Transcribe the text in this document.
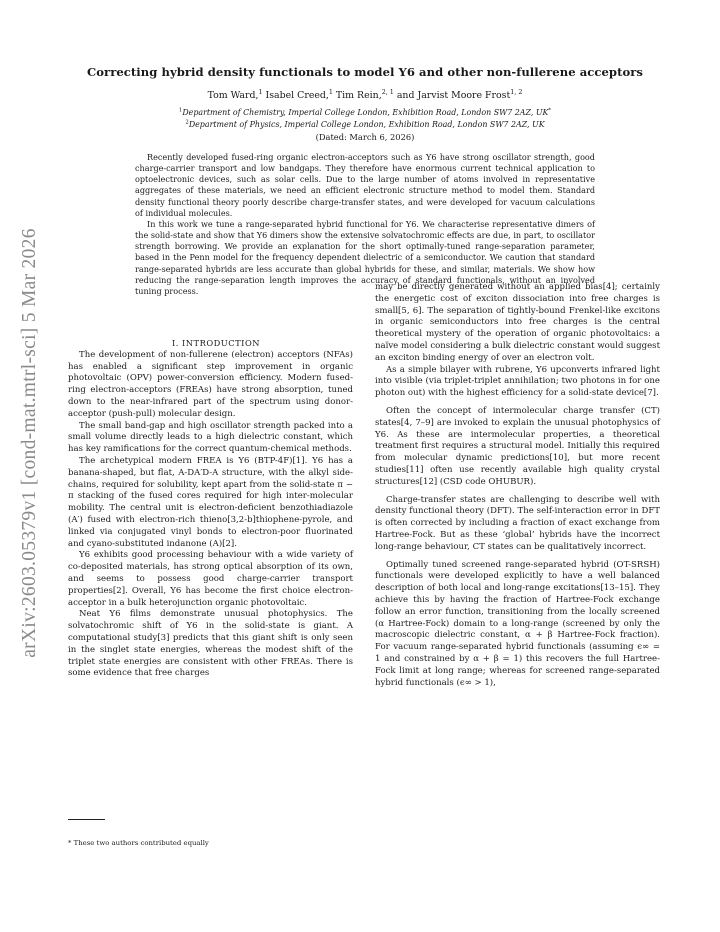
arXiv:2603.05379v1 [cond-mat.mtrl-sci] 5 Mar 2026
Correcting hybrid density functionals to model Y6 and other non-fullerene acceptors
Tom Ward,$^1$ Isabel Creed,$^1$ Tim Rein,$^{2, 1}$ and Jarvist Moore Frost$^{1, 2}$
$^1$Department of Chemistry, Imperial College London, Exhibition Road, London SW7 2AZ, UK*
$^2$Department of Physics, Imperial College London, Exhibition Road, London SW7 2AZ, UK
(Dated: March 6, 2026)

Recently developed fused-ring organic electron-acceptors such as Y6 have strong oscillator strength, good charge-carrier transport and low bandgaps. They therefore have enormous current technical application to optoelectronic devices, such as solar cells. Due to the large number of atoms involved in representative aggregates of these materials, we need an efficient electronic structure method to model them. Standard density functional theory poorly describe charge-transfer states, and were developed for vacuum calculations of individual molecules.

In this work we tune a range-separated hybrid functional for Y6. We characterise representative dimers of the solid-state and show that Y6 dimers show the extensive solvatochromic effects are due, in part, to oscillator strength borrowing. We provide an explanation for the short optimally-tuned range-separation parameter, based in the Penn model for the frequency dependent dielectric of a semiconductor. We caution that standard range-separated hybrids are less accurate than global hybrids for these, and similar, materials. We show how reducing the range-separation length improves the accuracy of standard functionals, without an involved tuning process.

I. INTRODUCTION

The development of non-fullerene (electron) acceptors (NFAs) has enabled a significant step improvement in organic photovoltaic (OPV) power-conversion efficiency. Modern fused-ring electron-acceptors (FREAs) have strong absorption, tuned down to the near-infrared part of the spectrum using donor-acceptor (push-pull) molecular design.

The small band-gap and high oscillator strength packed into a small volume directly leads to a high dielectric constant, which has key ramifications for the correct quantum-chemical methods.

The archetypical modern FREA is Y6 (BTP-4F)[1]. Y6 has a banana-shaped, but flat, A-DA′D-A structure, with the alkyl side-chains, required for solubility, kept apart from the solid-state π − π stacking of the fused cores required for high inter-molecular mobility. The central unit is electron-deficient benzothiadiazole (A′) fused with electron-rich thieno[3,2-b]thiophene-pyrole, and linked via conjugated vinyl bonds to electron-poor fluorinated and cyano-substituted indanone (A)[2].

Y6 exhibits good processing behaviour with a wide variety of co-deposited materials, has strong optical absorption of its own, and seems to possess good charge-carrier transport properties[2]. Overall, Y6 has become the first choice electron-acceptor in a bulk heterojunction organic photovoltaic.

Neat Y6 films demonstrate unusual photophysics. The solvatochromic shift of Y6 in the solid-state is giant. A computational study[3] predicts that this giant shift is only seen in the singlet state energies, whereas the modest shift of the triplet state energies are consistent with other FREAs. There is some evidence that free charges

may be directly generated without an applied bias[4]; certainly the energetic cost of exciton dissociation into free charges is small[5, 6]. The separation of tightly-bound Frenkel-like excitons in organic semiconductors into free charges is the central theoretical mystery of the operation of organic photovoltaics: a naïve model considering a bulk dielectric constant would suggest an exciton binding energy of over an electron volt.

As a simple bilayer with rubrene, Y6 upconverts infrared light into visible (via triplet-triplet annihilation; two photons in for one photon out) with the highest efficiency for a solid-state device[7].

Often the concept of intermolecular charge transfer (CT) states[4, 7–9] are invoked to explain the unusual photophysics of Y6. As these are intermolecular properties, a theoretical treatment first requires a structural model. Initially this required from molecular dynamic predictions[10], but more recent studies[11] often use recently available high quality crystal structures[12] (CSD code OHUBUR).

Charge-transfer states are challenging to describe well with density functional theory (DFT). The self-interaction error in DFT is often corrected by including a fraction of exact exchange from Hartree-Fock. But as these ‘global’ hybrids have the incorrect long-range behaviour, CT states can be qualitatively incorrect.

Optimally tuned screened range-separated hybrid (OT-SRSH) functionals were developed explicitly to have a well balanced description of both local and long-range excitations[13–15]. They achieve this by having the fraction of Hartree-Fock exchange follow an error function, transitioning from the locally screened (α Hartree-Fock) domain to a long-range (screened by only the macroscopic dielectric constant, α + β Hartree-Fock fraction). For vacuum range-separated hybrid functionals (assuming ϵ∞ = 1 and constrained by α + β = 1) this recovers the full Hartree-Fock limit at long range; whereas for screened range-separated hybrid functionals (ϵ∞ > 1),

* These two authors contributed equally
